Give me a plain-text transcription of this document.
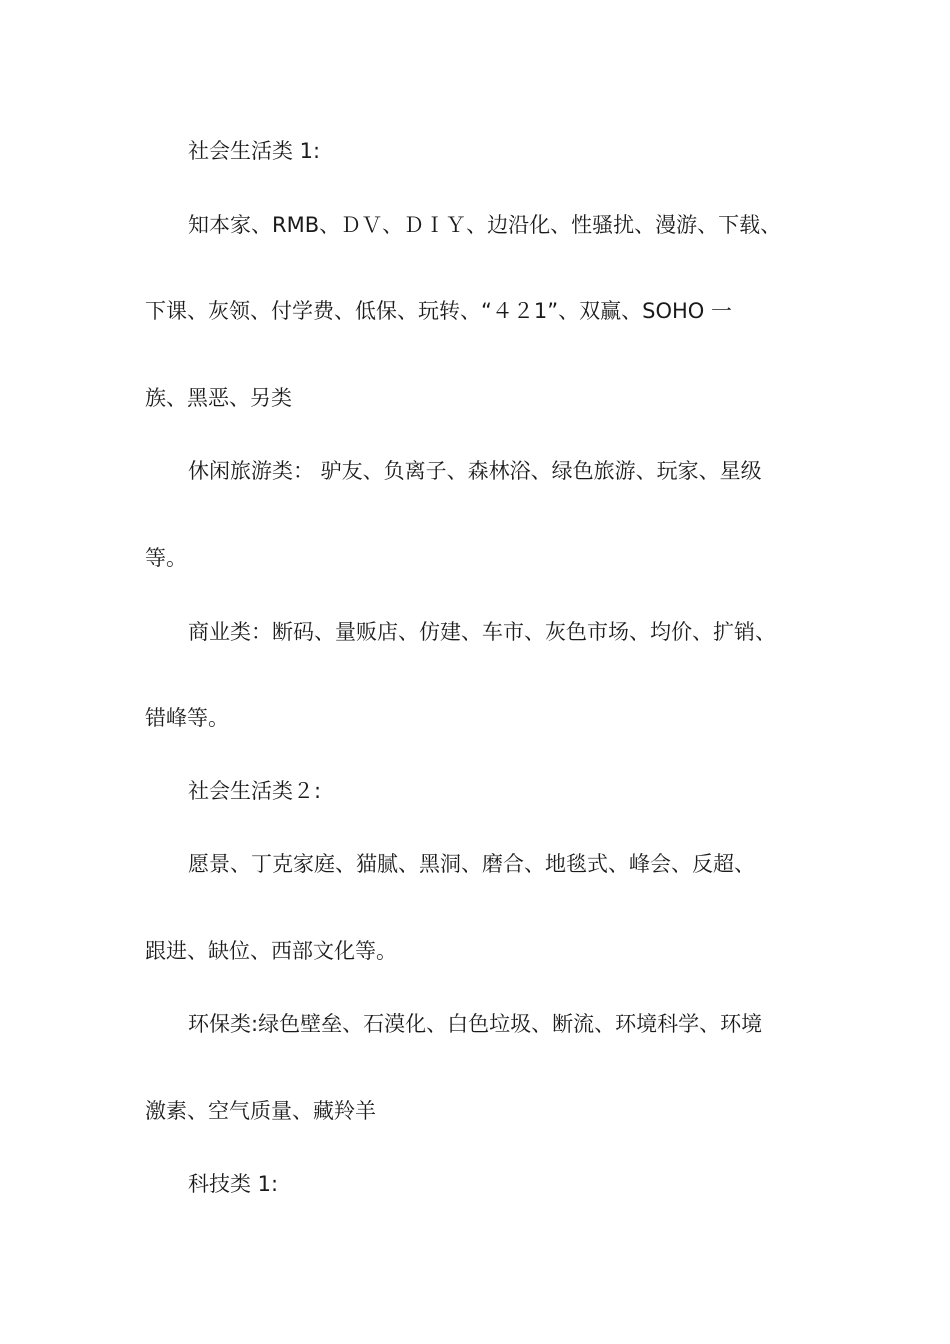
社会生活类 1:
知本家、RMB、ＤＶ、ＤＩＹ、边沿化、性骚扰、漫游、下载、
下课、灰领、付学费、低保、玩转、“４２1”、双赢、SOHO 一
族、黑恶、另类
休闲旅游类： 驴友、负离子、森林浴、绿色旅游、玩家、星级
等。
商业类：断码、量贩店、仿建、车市、灰色市场、均价、扩销、
错峰等。
社会生活类２:
愿景、丁克家庭、猫腻、黑洞、磨合、地毯式、峰会、反超、
跟进、缺位、西部文化等。
环保类:绿色壁垒、石漠化、白色垃圾、断流、环境科学、环境
激素、空气质量、藏羚羊
科技类 1:
